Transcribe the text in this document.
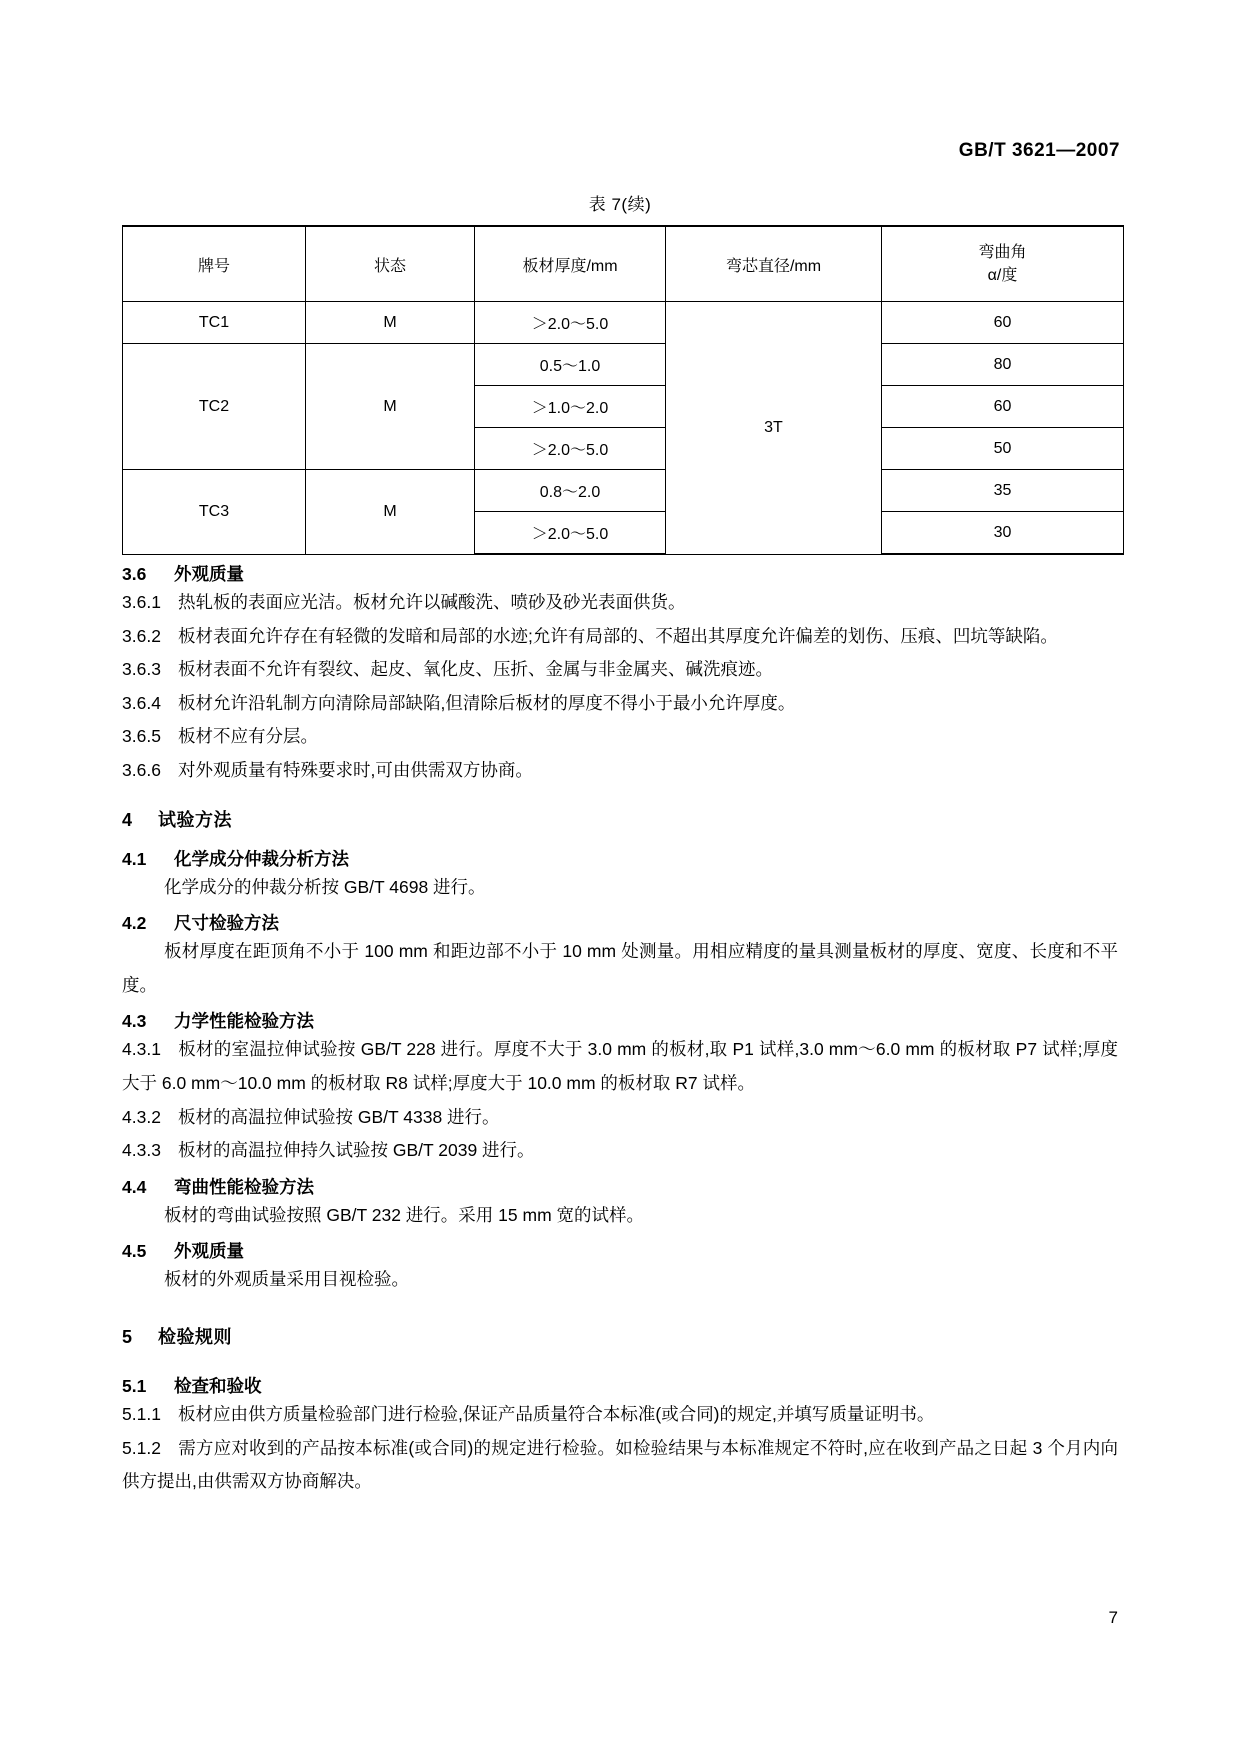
GB/T 3621—2007
表 7(续)
牌号	状态	板材厚度/mm	弯芯直径/mm	弯曲角
α/度

TC1	M	＞2.0～5.0	3T	60
TC2	M	0.5～1.0		80
		＞1.0～2.0		60
		＞2.0～5.0		50
TC3	M	0.8～2.0		35
		＞2.0～5.0		30
3.6 外观质量
3.6.1 热轧板的表面应光洁。板材允许以碱酸洗、喷砂及砂光表面供货。
3.6.2 板材表面允许存在有轻微的发暗和局部的水迹;允许有局部的、不超出其厚度允许偏差的划伤、压痕、凹坑等缺陷。
3.6.3 板材表面不允许有裂纹、起皮、氧化皮、压折、金属与非金属夹、碱洗痕迹。
3.6.4 板材允许沿轧制方向清除局部缺陷,但清除后板材的厚度不得小于最小允许厚度。
3.6.5 板材不应有分层。
3.6.6 对外观质量有特殊要求时,可由供需双方协商。
4 试验方法
4.1 化学成分仲裁分析方法
化学成分的仲裁分析按 GB/T 4698 进行。
4.2 尺寸检验方法
板材厚度在距顶角不小于 100 mm 和距边部不小于 10 mm 处测量。用相应精度的量具测量板材的厚度、宽度、长度和不平度。
4.3 力学性能检验方法
4.3.1 板材的室温拉伸试验按 GB/T 228 进行。厚度不大于 3.0 mm 的板材,取 P1 试样,3.0 mm～6.0 mm 的板材取 P7 试样;厚度大于 6.0 mm～10.0 mm 的板材取 R8 试样;厚度大于 10.0 mm 的板材取 R7 试样。
4.3.2 板材的高温拉伸试验按 GB/T 4338 进行。
4.3.3 板材的高温拉伸持久试验按 GB/T 2039 进行。
4.4 弯曲性能检验方法
板材的弯曲试验按照 GB/T 232 进行。采用 15 mm 宽的试样。
4.5 外观质量
板材的外观质量采用目视检验。
5 检验规则
5.1 检查和验收
5.1.1 板材应由供方质量检验部门进行检验,保证产品质量符合本标准(或合同)的规定,并填写质量证明书。
5.1.2 需方应对收到的产品按本标准(或合同)的规定进行检验。如检验结果与本标准规定不符时,应在收到产品之日起 3 个月内向供方提出,由供需双方协商解决。
7
